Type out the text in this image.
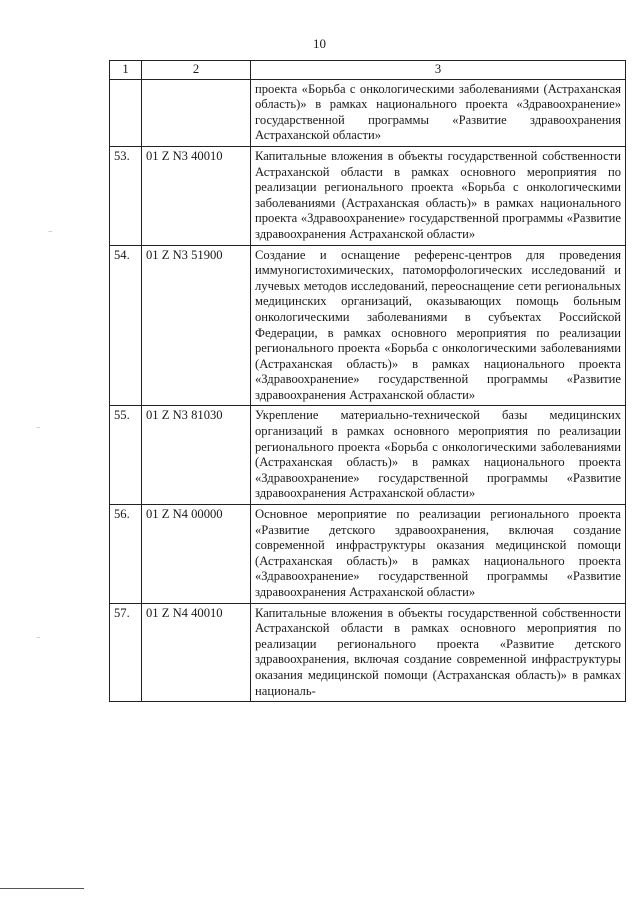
10
⁻
⁻
⁻
1	2	3
		проекта «Борьба с онкологическими заболеваниями (Астраханская область)» в рамках национального проекта «Здравоохранение» государственной программы «Развитие здравоохранения Астраханской области»
53.	01 Z N3 40010	Капитальные вложения в объекты государственной собственности Астраханской области в рамках основного мероприятия по реализации регионального проекта «Борьба с онкологическими заболеваниями (Астраханская область)» в рамках национального проекта «Здравоохранение» государственной программы «Развитие здравоохранения Астраханской области»
54.	01 Z N3 51900	Создание и оснащение референс-центров для проведения иммуногистохимических, патоморфологических исследований и лучевых методов исследований, переоснащение сети региональных медицинских организаций, оказывающих помощь больным онкологическими заболеваниями в субъектах Российской Федерации, в рамках основного мероприятия по реализации регионального проекта «Борьба с онкологическими заболеваниями (Астраханская область)» в рамках национального проекта «Здравоохранение» государственной программы «Развитие здравоохранения Астраханской области»
55.	01 Z N3 81030	Укрепление материально-технической базы медицинских организаций в рамках основного мероприятия по реализации регионального проекта «Борьба с онкологическими заболеваниями (Астраханская область)» в рамках национального проекта «Здравоохранение» государственной программы «Развитие здравоохранения Астраханской области»
56.	01 Z N4 00000	Основное мероприятие по реализации регионального проекта «Развитие детского здравоохранения, включая создание современной инфраструктуры оказания медицинской помощи (Астраханская область)» в рамках национального проекта «Здравоохранение» государственной программы «Развитие здравоохранения Астраханской области»
57.	01 Z N4 40010	Капитальные вложения в объекты государственной собственности Астраханской области в рамках основного мероприятия по реализации регионального проекта «Развитие детского здравоохранения, включая создание современной инфраструктуры оказания медицинской помощи (Астраханская область)» в рамках националь-
